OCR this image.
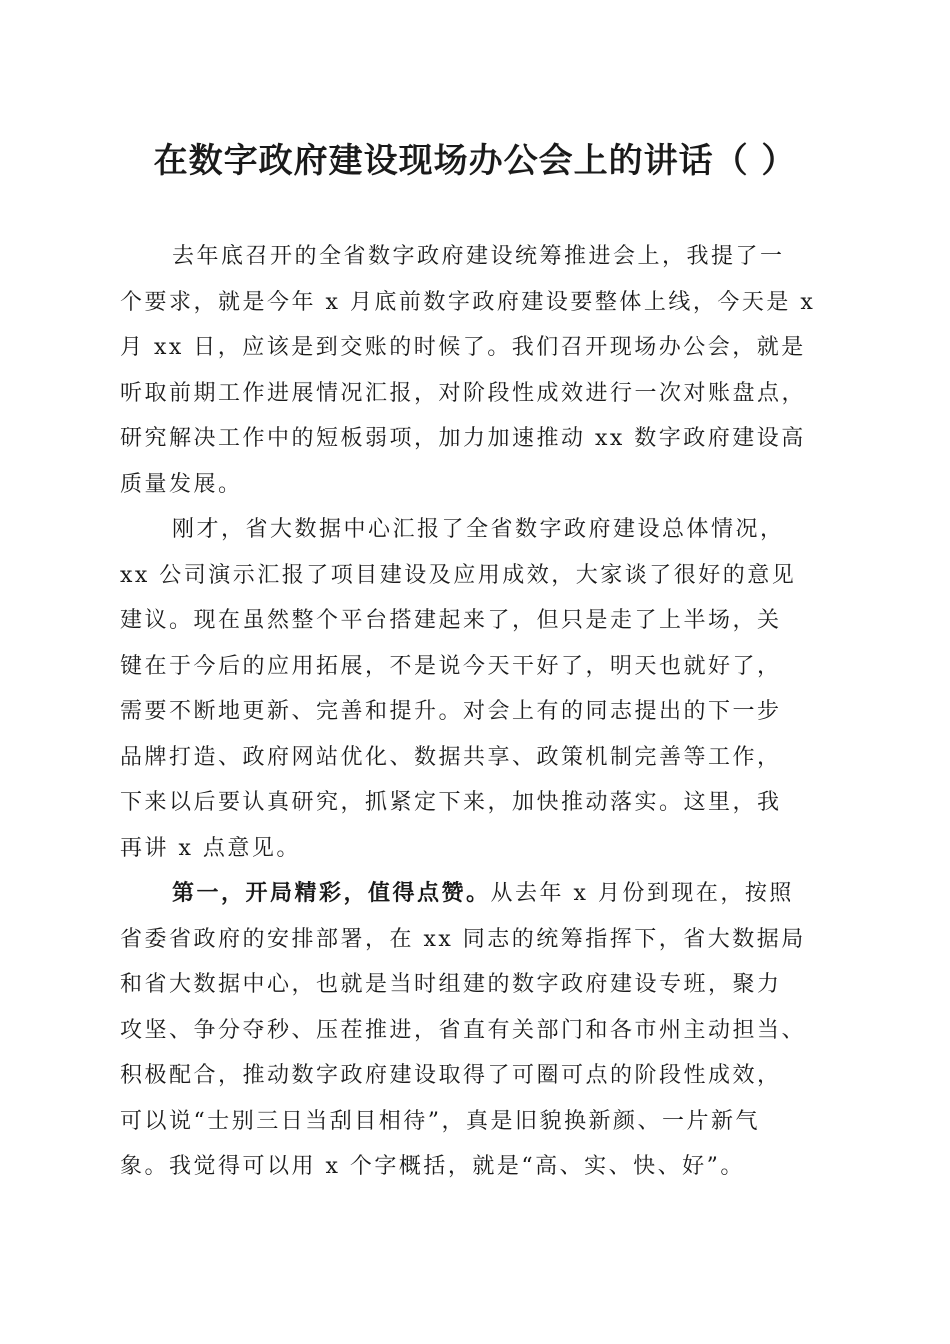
在数字政府建设现场办公会上的讲话（ ）
去年底召开的全省数字政府建设统筹推进会上，我提了一
个要求，就是今年 x 月底前数字政府建设要整体上线，今天是 x
月 xx 日，应该是到交账的时候了。我们召开现场办公会，就是
听取前期工作进展情况汇报，对阶段性成效进行一次对账盘点，
研究解决工作中的短板弱项，加力加速推动 xx 数字政府建设高
质量发展。
刚才，省大数据中心汇报了全省数字政府建设总体情况，
xx 公司演示汇报了项目建设及应用成效，大家谈了很好的意见
建议。现在虽然整个平台搭建起来了，但只是走了上半场，关
键在于今后的应用拓展，不是说今天干好了，明天也就好了，
需要不断地更新、完善和提升。对会上有的同志提出的下一步
品牌打造、政府网站优化、数据共享、政策机制完善等工作，
下来以后要认真研究，抓紧定下来，加快推动落实。这里，我
再讲 x 点意见。
第一，开局精彩，值得点赞。从去年 x 月份到现在，按照
省委省政府的安排部署，在 xx 同志的统筹指挥下，省大数据局
和省大数据中心，也就是当时组建的数字政府建设专班，聚力
攻坚、争分夺秒、压茬推进，省直有关部门和各市州主动担当、
积极配合，推动数字政府建设取得了可圈可点的阶段性成效，
可以说“士别三日当刮目相待”，真是旧貌换新颜、一片新气
象。我觉得可以用 x 个字概括，就是“高、实、快、好”。
